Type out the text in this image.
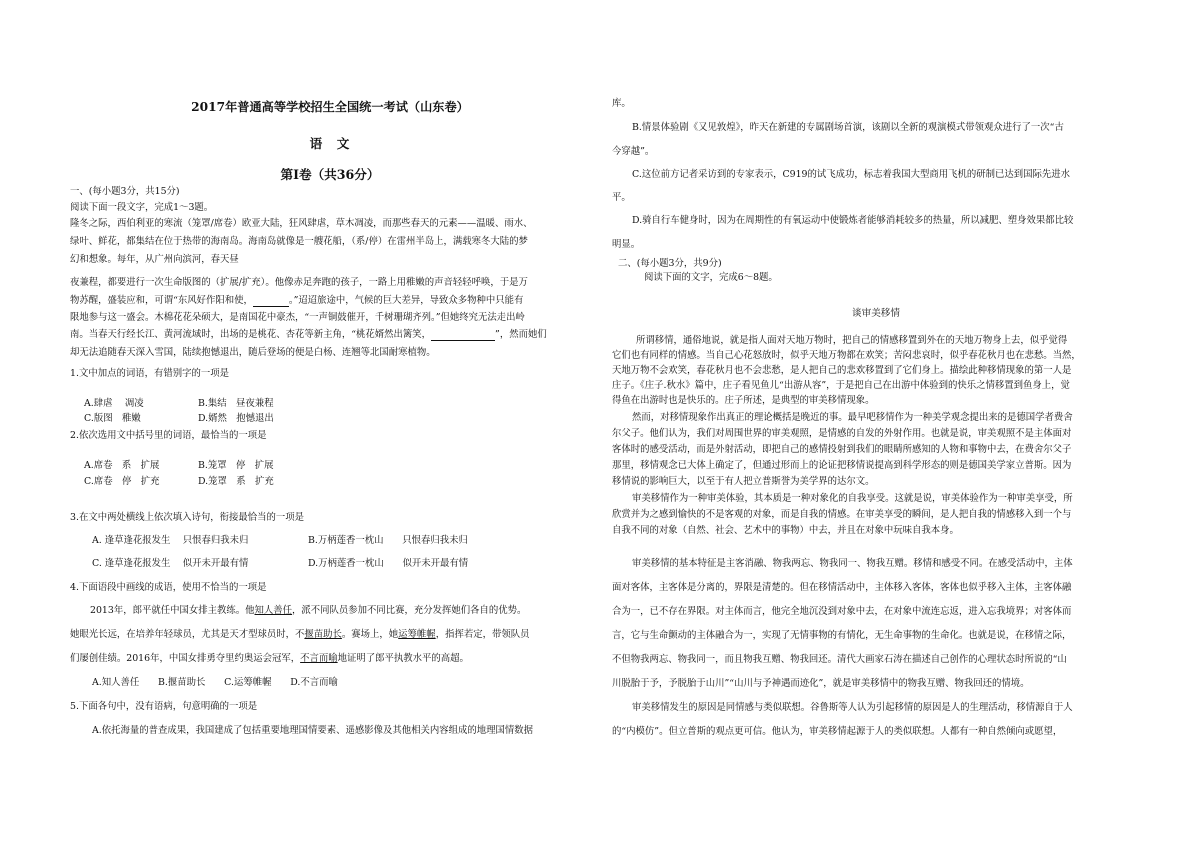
2017年普通高等学校招生全国统一考试（山东卷）
语　文
第Ⅰ卷（共36分）
一、(每小题3分，共15分)
阅读下面一段文字，完成1～3题。
隆冬之际，西伯利亚的寒流（笼罩/席卷）欧亚大陆，狂风肆虐，草木凋凌，而那些春天的元素——温暖、雨水、
绿叶、鲜花，都集结在位于热带的海南岛。海南岛就像是一艘花船，（系/停）在雷州半岛上，满载寒冬大陆的梦
幻和想象。每年，从广州向滨河，春天昼
夜兼程，都要进行一次生命版图的（扩展/扩充）。他像赤足奔跑的孩子，一路上用稚嫩的声音轻轻呼唤，于是万
物苏醒，盛装应和，可谓“东风好作阳和使，	。”迢迢旅途中，气候的巨大差异，导致众多物种中只能有
限地参与这一盛会。木棉花花朵硕大，是南国花中豪杰，“一声铜鼓催开，千树珊瑚齐列。”但她终究无法走出岭
南。当春天行经长江、黄河流域时，出场的是桃花、杏花等新主角，“桃花婿然出篱笑，	”，然而她们
却无法追随春天深入雪国，陆续抱憾退出，随后登场的便是白杨、连翘等北国耐寒植物。
1.文中加点的词语，有错别字的一项是
A.肆虐　 凋凌	B.集结　昼夜兼程
C.版图　稚嫩	D.婿然　抱憾退出
2.依次选用文中括号里的词语，最恰当的一项是
A.席卷　系　扩展	B.笼罩　停　扩展
C.席卷　停　扩充	D.笼罩　系　扩充
3.在文中两处横线上依次填入诗句，衔接最恰当的一项是
A. 逢草逢花报发生　 只恨春归我未归	B.万柄莲香一枕山　　只恨春归我未归
C. 逢草逢花报发生　 似开未开最有情	D.万柄莲香一枕山　　似开未开最有情
4.下面语段中画线的成语，使用不恰当的一项是
2013年，郎平就任中国女排主教练。他知人善任，派不同队员参加不同比赛，充分发挥她们各自的优势。
她眼光长远，在培养年轻球员，尤其是天才型球员时，不揠苗助长。赛场上，她运筹帷幄，指挥若定，带领队员
们屡创佳绩。2016年，中国女排勇夺里约奥运会冠军，不言而喻地证明了郎平执教水平的高超。
A.知人善任　　B.揠苗助长　　C.运筹帷幄　　D.不言而喻
5.下面各句中，没有语病，句意明确的一项是
A.依托海量的普查成果，我国建成了包括重要地理国情要素、遥感影像及其他相关内容组成的地理国情数据
库。
B.情景体验剧《又见敦煌》，昨天在新建的专属剧场首演，该剧以全新的观演模式带领观众进行了一次“古
今穿越”。
C.这位前方记者采访到的专家表示，C919的试飞成功，标志着我国大型商用飞机的研制已达到国际先进水
平。
D.骑自行车健身时，因为在周期性的有氧运动中使锻炼者能够消耗较多的热量，所以减肥、塑身效果都比较
明显。
二、(每小题3分，共9分)
阅读下面的文字，完成6～8题。
谈审美移情
所谓移情，通俗地说，就是指人面对天地万物时，把自己的情感移置到外在的天地万物身上去，似乎觉得
它们也有同样的情感。当自己心花怒放时，似乎天地万物都在欢笑；苦闷悲哀时，似乎春花秋月也在悲愁。当然，
天地万物不会欢笑，春花秋月也不会悲愁，是人把自己的悲欢移置到了它们身上。描绘此种移情现象的第一人是
庄子。《庄子.秋水》篇中，庄子看见鱼儿“出游从容”，于是把自己在出游中体验到的快乐之情移置到鱼身上，觉
得鱼在出游时也是快乐的。庄子所述，是典型的审美移情现象。
然而，对移情现象作出真正的理论概括是晚近的事。最早吧移情作为一种美学观念提出来的是德国学者费舍
尔父子。他们认为，我们对周围世界的审美观照，是情感的自发的外射作用。也就是说，审美观照不是主体面对
客体时的感受活动，而是外射活动，即把自己的感情投射到我们的眼睛所感知的人物和事物中去，在费舍尔父子
那里，移情观念已大体上确定了，但通过形而上的论证把移情说提高到科学形态的则是德国美学家立普斯。因为
移情说的影响巨大，以至于有人把立普斯誉为美学界的达尔文。
审美移情作为一种审美体验，其本质是一种对象化的自我享受。这就是说，审美体验作为一种审美享受，所
欣赏并为之感到愉快的不是客观的对象，而是自我的情感。在审美享受的瞬间，是人把自我的情感移入到一个与
自我不同的对象（自然、社会、艺术中的事物）中去，并且在对象中玩味自我本身。
审美移情的基本特征是主客消融、物我两忘、物我同一、物我互赠。移情和感受不同。在感受活动中，主体
面对客体，主客体是分离的，界限是清楚的。但在移情活动中，主体移入客体，客体也似乎移入主体，主客体融
合为一，已不存在界限。对主体而言，他完全地沉没到对象中去，在对象中流连忘返，进入忘我境界；对客体而
言，它与生命颤动的主体融合为一，实现了无情事物的有情化，无生命事物的生命化。也就是说，在移情之际，
不但物我两忘、物我同一，而且物我互赠、物我回还。清代大画家石涛在描述自己创作的心理状态时所说的“山
川脱胎于予，予脱胎于山川”“山川与予神遇而迹化”，就是审美移情中的物我互赠、物我回还的情境。
审美移情发生的原因是同情感与类似联想。谷鲁斯等人认为引起移情的原因是人的生理活动，移情源自于人
的“内模仿”。但立普斯的观点更可信。他认为，审美移情起源于人的类似联想。人都有一种自然倾向或愿望，
